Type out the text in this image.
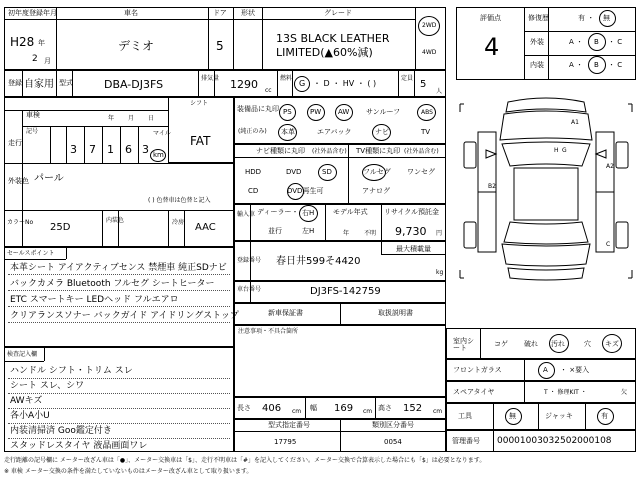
初年度登録年月
H28 年
2 月
車名
デミオ
ドア
5
形状	グレード
13S BLACK LEATHER
LIMITED(▲60%減)
2WD
4WD
登録 自家用 型式	DBA-DJ3FS	排気量 1290 cc
燃料
G ・ D ・ HV ・ ( )
定員
5
人
シフト
FAT
車検	年 月 日
走行
記号
3 7 1 6 3
マイル
km
外装色 パール
( ) 色替車は色替と記入
カラーNo 25D
内装色	冷房 AAC
セールスポイント
本革シート アイアクティブセンス 禁煙車 純正SDナビ
バックカメラ Bluetooth フルセグ シートヒーター
ETC スマートキー LEDヘッド フルエアロ
クリアランスソナー バックガイド アイドリングストップ
検査記入欄
ハンドル シフト・トリム スレ
シート スレ、シワ
AWキズ
各小A小U
内装清掃済 Goo鑑定付き
スタッドレスタイヤ 液晶画面ワレ
装備品に丸印
(純正のみ)
PS	PW AW サンルーフ	ABS
本革	エアバック	ナビ	TV
ナビ種類に丸印 (社外品含む) TV種類に丸印 (社外品含む)
HDD	DVD	SD
CD	DVD再生可
フルセグ ワンセグ
アナログ
輸入車 ディーラー・ 右H
並行	左H
モデル年式
年 不明
リサイクル預託金
9,730 円
登録番号 春日井599そ4420
最大積載量
kg
車台番号	DJ3FS-142759
新車保証書	取扱説明書
注意事項・不具合箇所
長さ 406 cm 幅 169 cm 高さ 152 cm
型式指定番号
17795
類別区分番号
0054
評価点
4
修復歴	有 ・ 無
外装	A ・ B ・ C
内装	A ・ B ・ C
A1
A2
B2
H G
C
室内シート	コゲ 破れ 汚れ	穴 キズ
フロントガラス	A ・ ×要入
スペアタイヤ	T ・ 修理KIT ・	欠
工具	無	ジャッキ	有
管理番号 00001003032502000108
走行距離の記号欄に メーター改ざん車は「●」、メーター交換車は「$」、走行不明車は「#」を記入してください。メーター交換で合算表示した場合にも「$」は必要となります。
※ 車検 メーター交換の条件を満たしていないものはメーター改ざん車として取り扱います。
